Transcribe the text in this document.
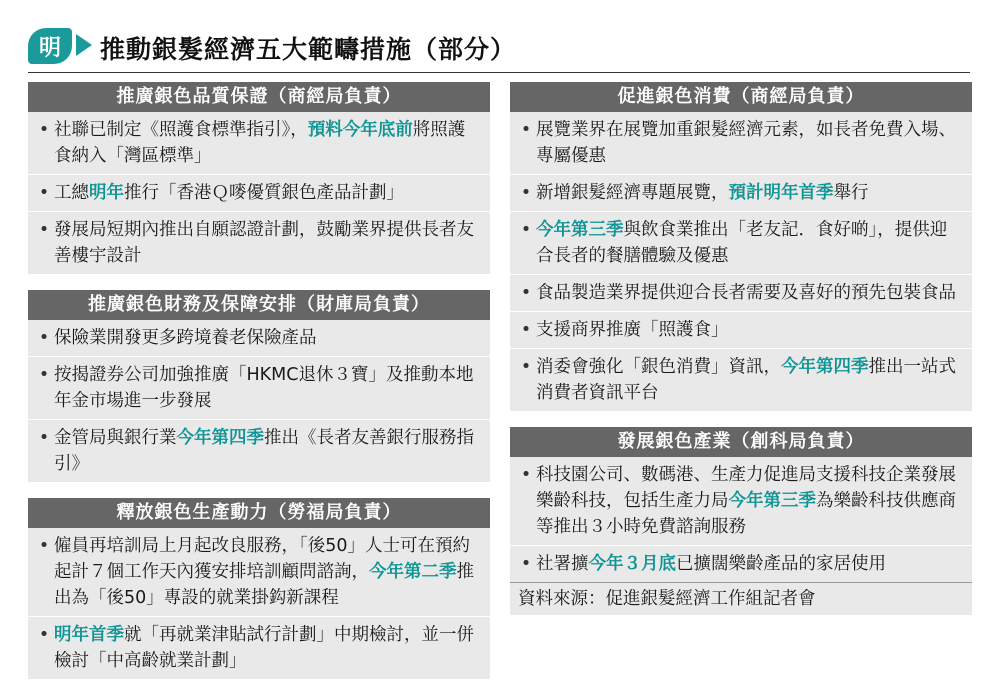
明 推動銀髮經濟五大範疇措施（部分）
推廣銀色品質保證（商經局負責）
• 社聯已制定《照護食標準指引》，預料今年底前將照護食納入「灣區標準」
• 工總明年推行「香港Ｑ嘜優質銀色產品計劃」
• 發展局短期內推出自願認證計劃，鼓勵業界提供長者友善樓宇設計
推廣銀色財務及保障安排（財庫局負責）
• 保險業開發更多跨境養老保險產品
• 按揭證券公司加強推廣「HKMC退休３寶」及推動本地年金市場進一步發展
• 金管局與銀行業今年第四季推出《長者友善銀行服務指引》
釋放銀色生產動力（勞福局負責）
• 僱員再培訓局上月起改良服務，「後50」人士可在預約起計７個工作天內獲安排培訓顧問諮詢，今年第二季推出為「後50」專設的就業掛鈎新課程
• 明年首季就「再就業津貼試行計劃」中期檢討，並一併檢討「中高齡就業計劃」
促進銀色消費（商經局負責）
• 展覽業界在展覽加重銀髮經濟元素，如長者免費入場、專屬優惠
• 新增銀髮經濟專題展覽，預計明年首季舉行
• 今年第三季與飲食業推出「老友記．食好啲」，提供迎合長者的餐膳體驗及優惠
• 食品製造業界提供迎合長者需要及喜好的預先包裝食品
• 支援商界推廣「照護食」
• 消委會強化「銀色消費」資訊，今年第四季推出一站式消費者資訊平台
發展銀色產業（創科局負責）
• 科技園公司、數碼港、生產力促進局支援科技企業發展樂齡科技，包括生產力局今年第三季為樂齡科技供應商等推出３小時免費諮詢服務
• 社署擴今年３月底已擴闊樂齡產品的家居使用
資料來源：促進銀髮經濟工作組記者會
